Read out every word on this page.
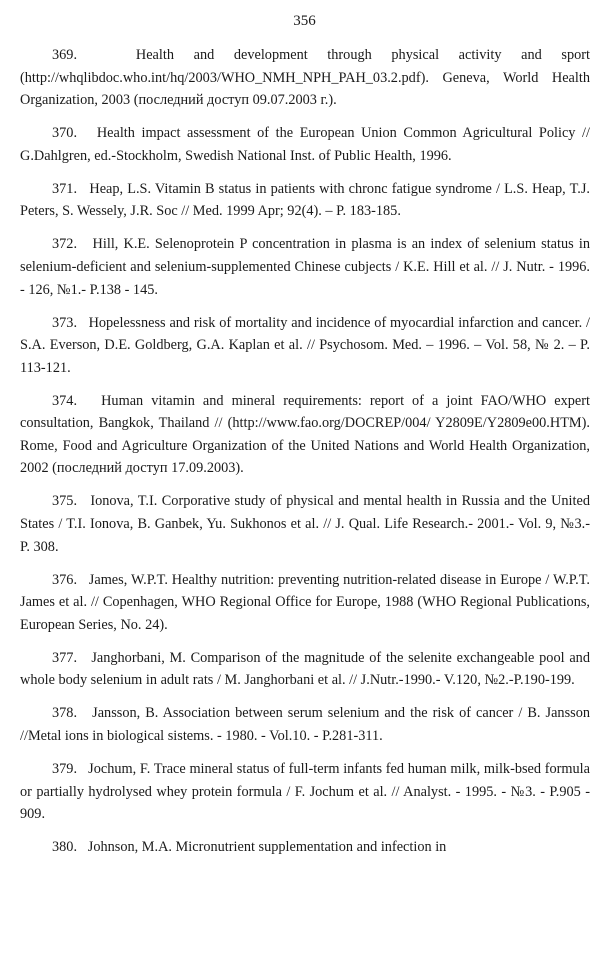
356

369.	Health and development through physical activity and sport (http://whqlibdoc.who.int/hq/2003/WHO_NMH_NPH_PAH_03.2.pdf). Geneva, World Health Organization, 2003 (последний доступ 09.07.2003 г.).

370. Health impact assessment of the European Union Common Agricultural Policy // G.Dahlgren, ed.-Stockholm, Swedish National Inst. of Public Health, 1996.

371. Heap, L.S. Vitamin B status in patients with chronc fatigue syndrome / L.S. Heap, T.J. Peters, S. Wessely, J.R. Soc // Med. 1999 Apr; 92(4). – P. 183-185.

372. Hill, K.E. Selenoprotein P concentration in plasma is an index of selenium status in selenium-deficient and selenium-supplemented Chinese cubjects / K.E. Hill et al. // J. Nutr. - 1996. - 126, №1.- P.138 - 145.

373. Hopelessness and risk of mortality and incidence of myocardial infarction and cancer. / S.A. Everson, D.E. Goldberg, G.A. Kaplan et al. // Psychosom. Med. – 1996. – Vol. 58, № 2. – P. 113-121.

374. Human vitamin and mineral requirements: report of a joint FAO/WHO expert consultation, Bangkok, Thailand // (http://www.fao.org/DOCREP/004/ Y2809E/Y2809e00.HTM). Rome, Food and Agriculture Organization of the United Nations and World Health Organization, 2002 (последний доступ 17.09.2003).

375. Ionova, T.I. Corporative study of physical and mental health in Russia and the United States / T.I. Ionova, B. Ganbek, Yu. Sukhonos et al. // J. Qual. Life Research.- 2001.- Vol. 9, №3.- P. 308.

376. James, W.P.T. Healthy nutrition: preventing nutrition-related disease in Europe / W.P.T. James et al. // Copenhagen, WHO Regional Office for Europe, 1988 (WHO Regional Publications, European Series, No. 24).

377. Janghorbani, M. Comparison of the magnitude of the selenite exchangeable pool and whole body selenium in adult rats / M. Janghorbani et al. // J.Nutr.-1990.- V.120, №2.-P.190-199.

378. Jansson, B. Association between serum selenium and the risk of cancer / B. Jansson //Metal ions in biological sistems. - 1980. - Vol.10. - P.281-311.

379. Jochum, F. Trace mineral status of full-term infants fed human milk, milk-bsed formula or partially hydrolysed whey protein formula / F. Jochum et al. // Analyst. - 1995. - №3. - P.905 - 909.

380. Johnson, M.A. Micronutrient supplementation and infection in
